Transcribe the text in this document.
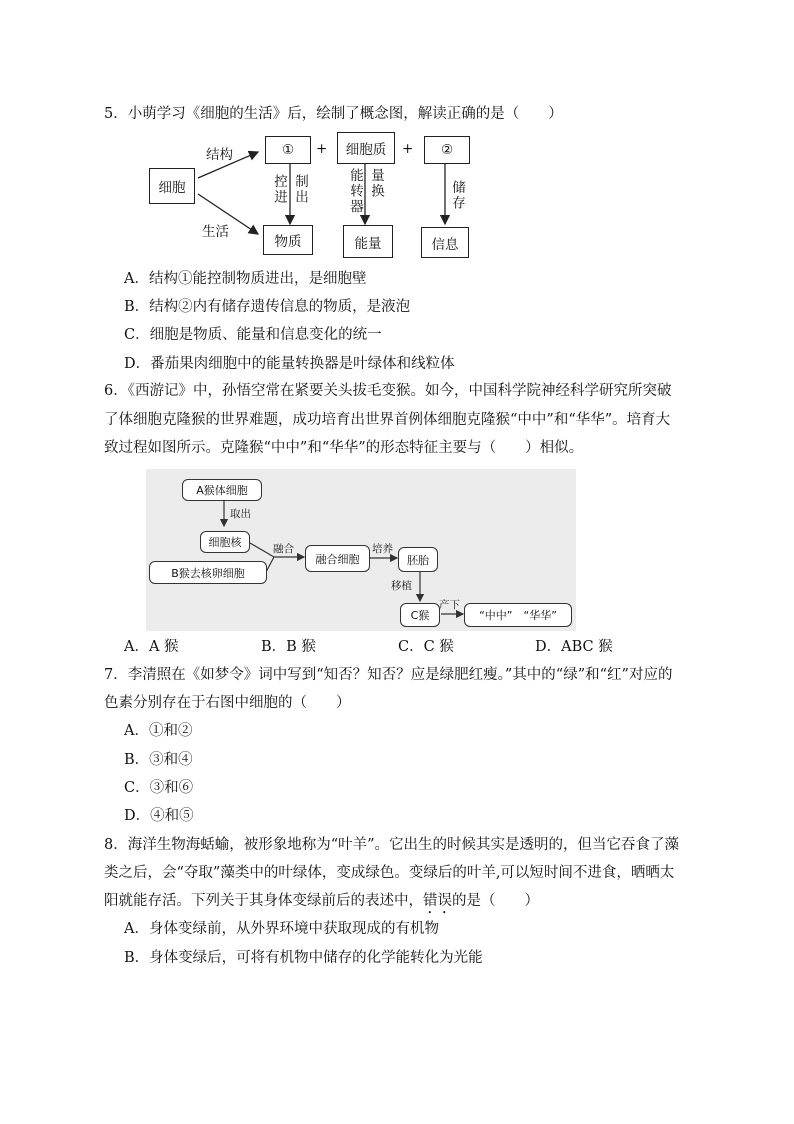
5．小萌学习《细胞的生活》后，绘制了概念图，解读正确的是（　　）
细胞
结构
生活
①	+	细胞质	+	②
控进 制出	能转器 量换	储存
物质	能量	信息
A．结构①能控制物质进出，是细胞壁
B．结构②内有储存遗传信息的物质，是液泡
C．细胞是物质、能量和信息变化的统一
D．番茄果肉细胞中的能量转换器是叶绿体和线粒体
6．《西游记》中，孙悟空常在紧要关头拔毛变猴。如今，中国科学院神经科学研究所突破
了体细胞克隆猴的世界难题，成功培育出世界首例体细胞克隆猴“中中”和“华华”。培育大
致过程如图所示。克隆猴“中中”和“华华”的形态特征主要与（　　）相似。
A猴体细胞
取出
细胞核
B猴去核卵细胞
融合
融合细胞
培养
胚胎
移植
C猴
产下
“中中”　“华华”
A．A 猴	B．B 猴	C．C 猴	D．ABC 猴
7．李清照在《如梦令》词中写到“知否？知否？应是绿肥红瘦。”其中的“绿”和“红”对应的
色素分别存在于右图中细胞的（　　）
A．①和②
B．③和④
C．③和⑥
D．④和⑤
8．海洋生物海蛞蝓，被形象地称为“叶羊”。它出生的时候其实是透明的，但当它吞食了藻
类之后，会“夺取”藻类中的叶绿体，变成绿色。变绿后的叶羊,可以短时间不进食，晒晒太
阳就能存活。下列关于其身体变绿前后的表述中，错误的是（　　）
A．身体变绿前，从外界环境中获取现成的有机物
B．身体变绿后，可将有机物中储存的化学能转化为光能
